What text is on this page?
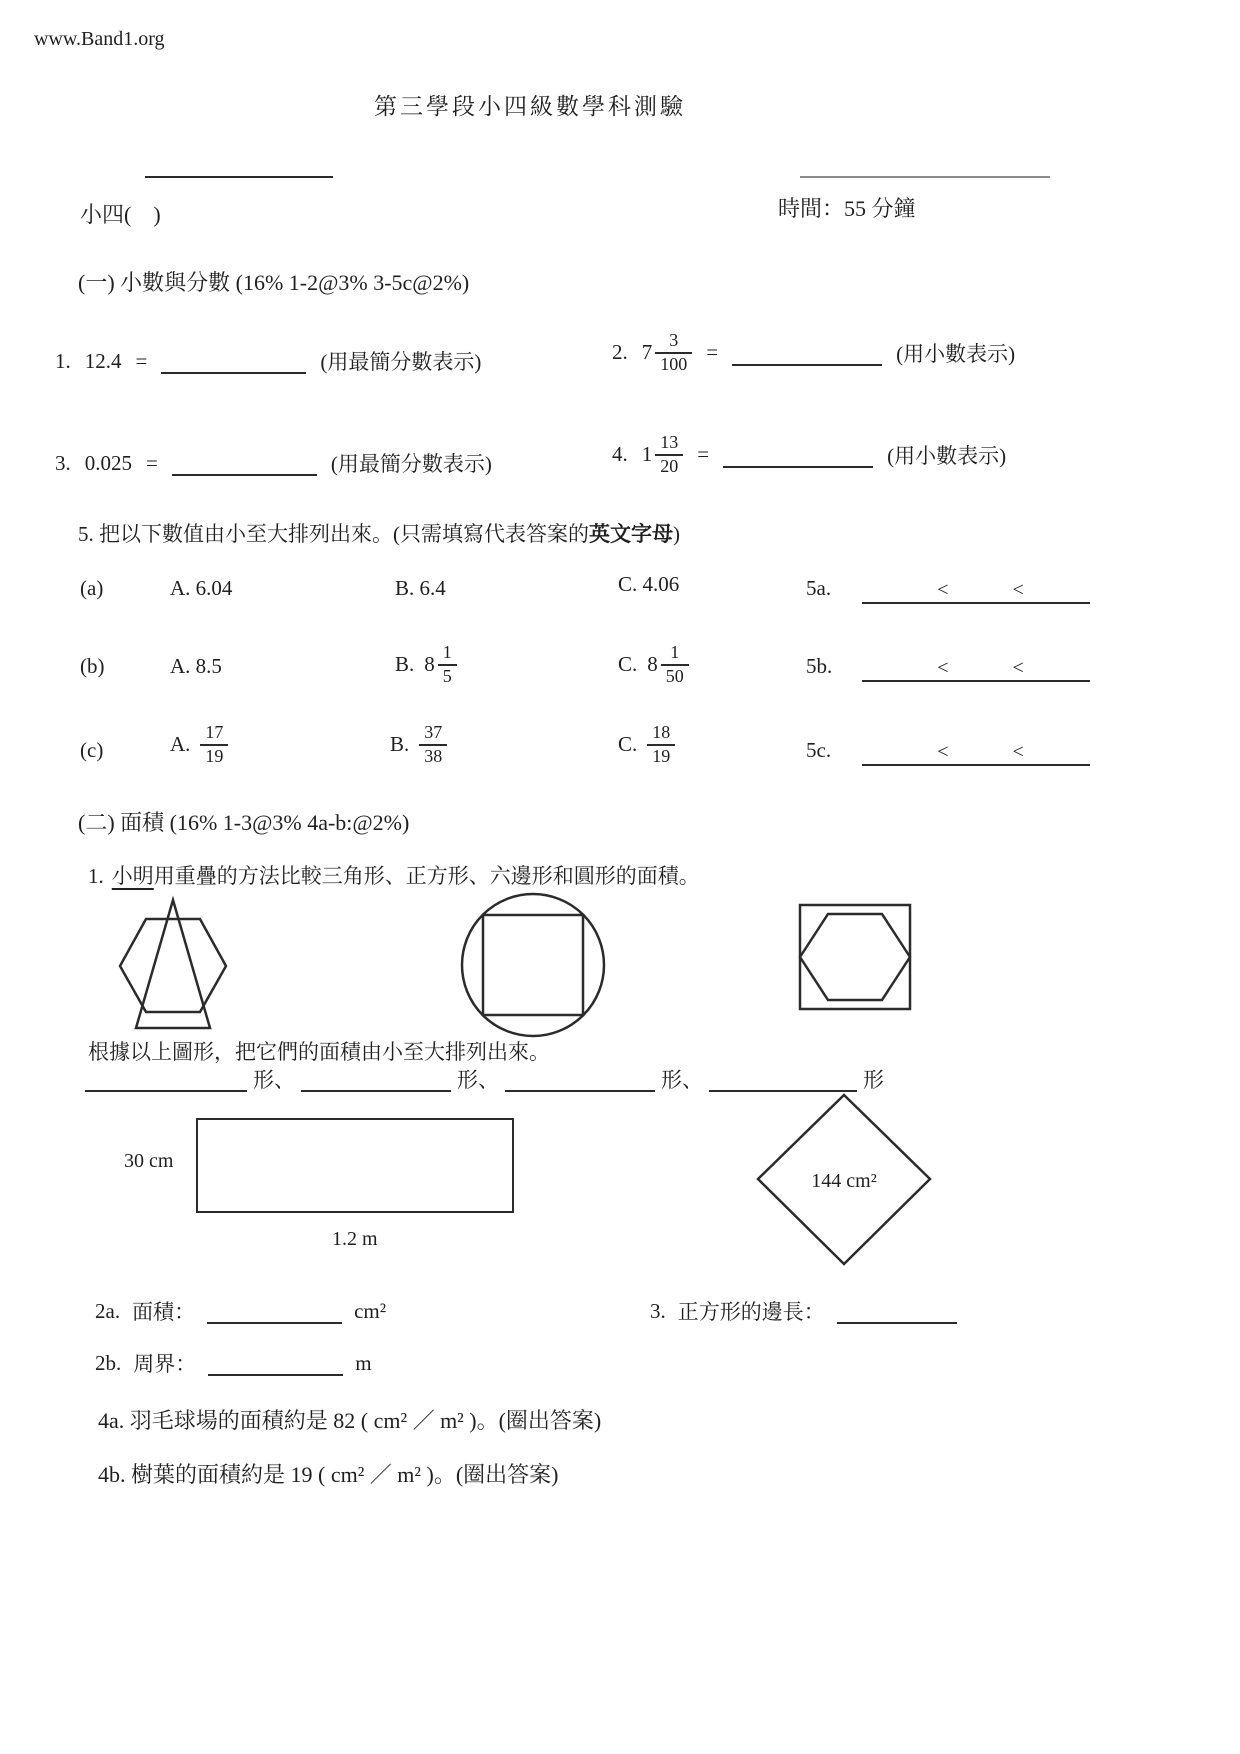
www.Band1.org
第三學段小四級數學科測驗
小四(　)	時間：55 分鐘
(一) 小數與分數 (16% 1-2@3% 3-5c@2%)
1. 12.4 =	(用最簡分數表示)	2. $7 \frac{3}{100}$ =	(用小數表示)
3. 0.025 =	(用最簡分數表示)	4. $1 \frac{13}{20}$ =	(用小數表示)
5. 把以下數值由小至大排列出來。(只需填寫代表答案的英文字母)
(a)	A. 6.04	B. 6.4	C. 4.06	5a.	<	<
(b)	A. 8.5	B. $8 \frac{1}{5}$	C. $8 \frac{1}{50}$	5b.	<	<
(c)	A. $\frac{17}{19}$	B. $\frac{37}{38}$	C. $\frac{18}{19}$	5c.	<	<
(二) 面積 (16% 1-3@3% 4a-b:@2%)
1. 小明用重疊的方法比較三角形、正方形、六邊形和圓形的面積。
根據以上圖形，把它們的面積由小至大排列出來。
形、	形、	形、	形
30 cm
1.2 m
144 cm²
2a. 面積：	cm²	3. 正方形的邊長：
2b. 周界：	m
4a. 羽毛球場的面積約是 82 ( cm² ／ m² )。(圈出答案)
4b. 樹葉的面積約是 19 ( cm² ／ m² )。(圈出答案)
